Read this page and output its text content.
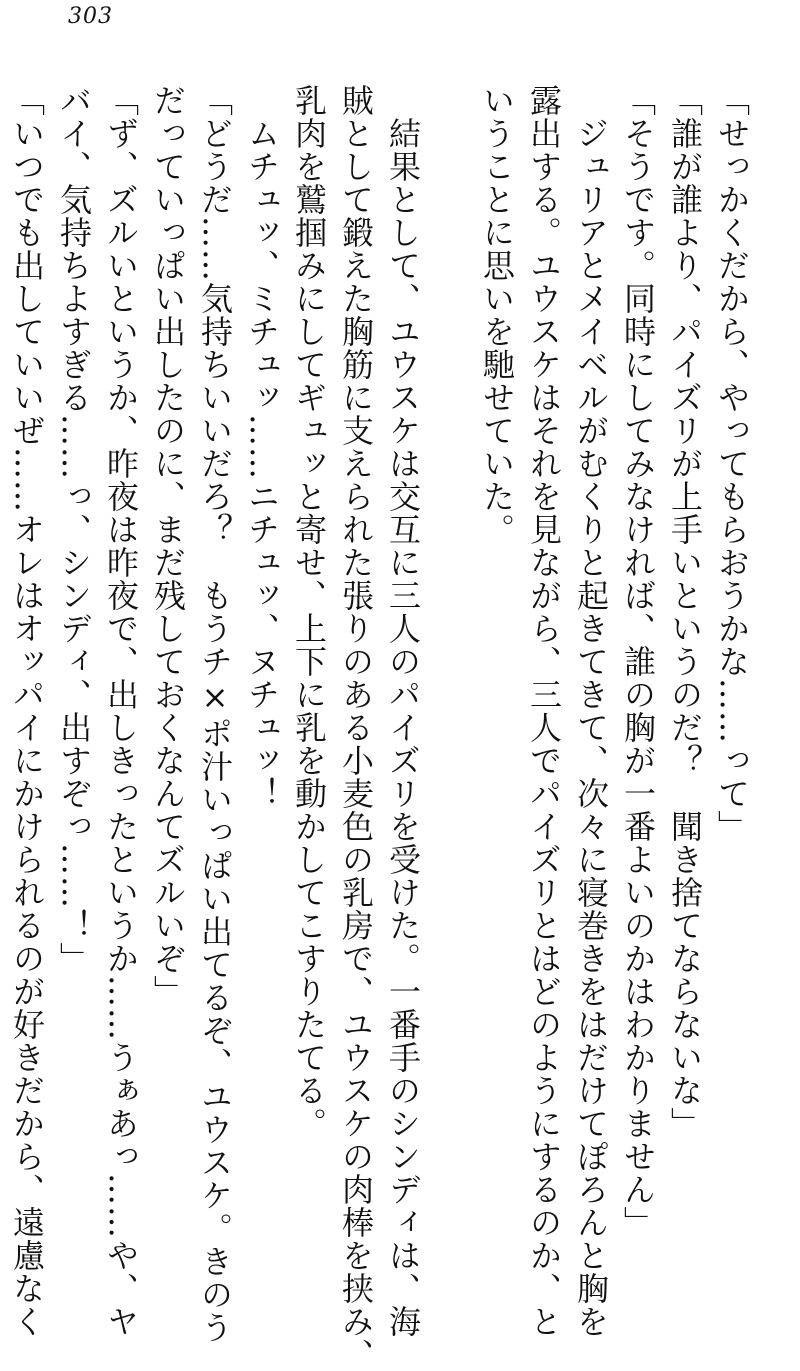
303
「せっかくだから、やってもらおうかな……って」
「誰が誰より、パイズリが上手いというのだ？　聞き捨てならないな」
「そうです。同時にしてみなければ、誰の胸が一番よいのかはわかりません」
　ジュリアとメイベルがむくりと起きてきて、次々に寝巻きをはだけてぽろんと胸を
露出する。ユウスケはそれを見ながら、三人でパイズリとはどのようにするのか、と
いうことに思いを馳せていた。
　結果として、ユウスケは交互に三人のパイズリを受けた。一番手のシンディは、海
賊として鍛えた胸筋に支えられた張りのある小麦色の乳房で、ユウスケの肉棒を挟み、
乳肉を鷲掴みにしてギュッと寄せ、上下に乳を動かしてこすりたてる。
　ムチュッ、ミチュッ……ニチュッ、ヌチュッ！
「どうだ……気持ちいいだろ？　もうチ×ポ汁いっぱい出てるぞ、ユウスケ。きのう
だっていっぱい出したのに、まだ残しておくなんてズルいぞ」
「ず、ズルいというか、昨夜は昨夜で、出しきったというか……うぁあっ……や、ヤ
バイ、気持ちよすぎる……っ、シンディ、出すぞっ……！」
「いつでも出していいぜ……オレはオッパイにかけられるのが好きだから、遠慮なく
